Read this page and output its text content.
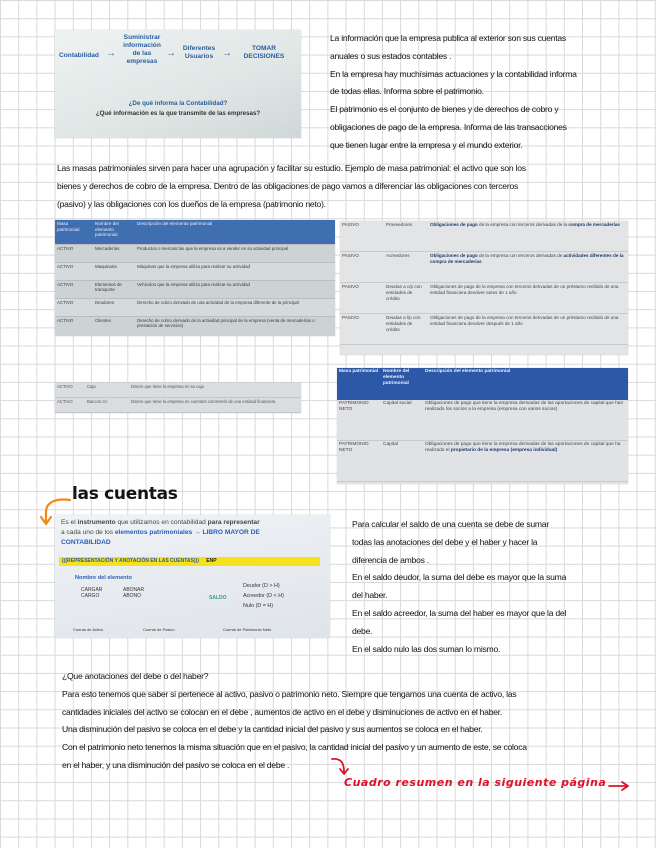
La información que la empresa publica al exterior son sus cuentas
anuales o sus estados contables .
En la empresa hay muchísimas actuaciones y la contabilidad informa
de todas ellas. Informa sobre el patrimonio.
El patrimonio es el conjunto de bienes y de derechos de cobro y
obligaciones de pago de la empresa. Informa de las transacciones
que tienen lugar entre la empresa y el mundo exterior.
Contabilidad →
Suministrar
información
de las
empresas
→	Diferentes
Usuarios →	TOMAR
DECISIONES
¿De qué informa la Contabilidad?
¿Qué información es la que transmite de las empresas?
Las masas patrimoniales sirven para hacer una agrupación y facilitar su estudio. Ejemplo de masa patrimonial: el activo que son los
bienes y derechos de cobro de la empresa. Dentro de las obligaciones de pago vamos a diferenciar las obligaciones con terceros
(pasivo) y las obligaciones con los dueños de la empresa (patrimonio neto).
Masa patrimonial	Nombre del elemento patrimonial	Descripción del elemento patrimonial
ACTIVO	Mercaderías	Productos o mercancías que la empresa va a vender en su actividad principal
ACTIVO	Maquinaria	Máquinas que la empresa utiliza para realizar su actividad
ACTIVO	Elementos de transporte	Vehículos que la empresa utiliza para realizar su actividad
ACTIVO	Deudores	Derecho de cobro derivado de una actividad de la empresa diferente de la principal
ACTIVO	Clientes	Derecho de cobro derivado de la actividad principal de la empresa (venta de mercaderías o prestación de servicios)
PASIVO	Proveedores	Obligaciones de pago de la empresa con terceros derivadas de la compra de mercaderías
PASIVO	Acreedores	Obligaciones de pago de la empresa con terceros derivadas de actividades diferentes de la compra de mercaderías
PASIVO	Deudas a c/p con entidades de crédito	Obligaciones de pago de la empresa con terceros derivadas de un préstamo recibido de una entidad financiera devolver antes de 1 año
PASIVO	Deudas a l/p con entidades de crédito	Obligaciones de pago de la empresa con terceros derivadas de un préstamo recibido de una entidad financiera devolver después de 1 año
ACTIVO	Caja	Dinero que tiene la empresa en su caja
ACTIVO	Bancos c/c	Dinero que tiene la empresa en cuenta/s corriente/s de una entidad financiera
Masa patrimonial	Nombre del elemento patrimonial	Descripción del elemento patrimonial
PATRIMONIO NETO	Capital social	Obligaciones de pago que tiene la empresa derivadas de las aportaciones de capital que han realizado los socios a la empresa (empresa con varios socios)
PATRIMONIO NETO	Capital	Obligaciones de pago que tiene la empresa derivadas de las aportaciones de capital que ha realizado el propietario de la empresa (empresa individual)
las cuentas
Es el instrumento que utilizamos en contabilidad para representar
a cada uno de los elementos patrimoniales → LIBRO MAYOR DE
CONTABILIDAD
(((REPRESENTACIÓN Y ANOTACIÓN EN LAS CUENTAS))) ENP
Nombre del elemento
CARGAR
CARGO
ABONAR
ABONO	SALDO
Deudor (D > H)
Acreedor (D < H)
Nulo (D = H)
Cuenta de Activo	Cuenta de Pasivo	Cuenta de Patrimonio Neto
Para calcular el saldo de una cuenta se debe de sumar
todas las anotaciones del debe y el haber y hacer la
diferencia de ambos .
En el saldo deudor, la suma del debe es mayor que la suma
del haber.
En el saldo acreedor, la suma del haber es mayor que la del
debe.
En el saldo nulo las dos suman lo mismo.
¿Que anotaciones del debe o del haber?
Para esto tenemos que saber si pertenece al activo, pasivo o patrimonio neto. Siempre que tengamos una cuenta de activo, las
cantidades iniciales del activo se colocan en el debe , aumentos de activo en el debe y disminuciones de activo en el haber.
Una disminución del pasivo se coloca en el debe y la cantidad inicial del pasivo y sus aumentos se coloca en el haber.
Con el patrimonio neto tenemos la misma situación que en el pasivo, la cantidad inicial del pasivo y un aumento de este, se coloca
en el haber, y una disminución del pasivo se coloca en el debe .
Cuadro resumen en la siguiente página
